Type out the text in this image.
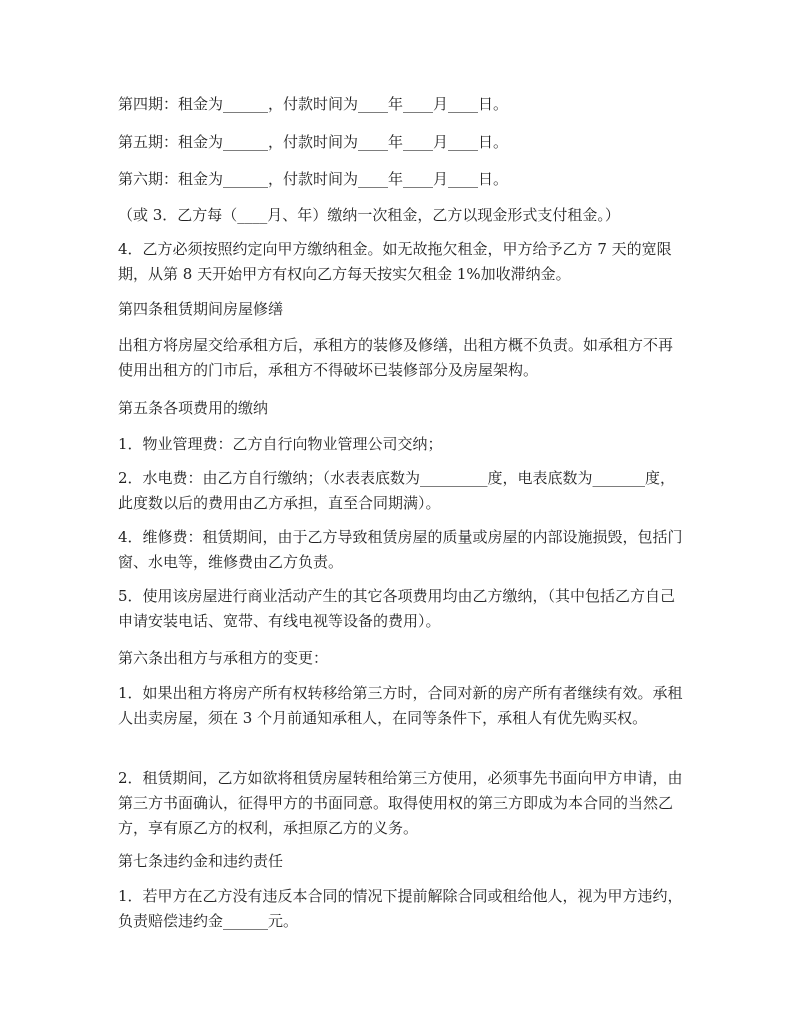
第四期：租金为______，付款时间为____年____月____日。

第五期：租金为______，付款时间为____年____月____日。

第六期：租金为______，付款时间为____年____月____日。

（或 3．乙方每（____月、年）缴纳一次租金，乙方以现金形式支付租金。）

4．乙方必须按照约定向甲方缴纳租金。如无故拖欠租金，甲方给予乙方 7 天的宽限期，从第 8 天开始甲方有权向乙方每天按实欠租金 1%加收滞纳金。

第四条租赁期间房屋修缮

出租方将房屋交给承租方后，承租方的装修及修缮，出租方概不负责。如承租方不再使用出租方的门市后，承租方不得破坏已装修部分及房屋架构。

第五条各项费用的缴纳

1．物业管理费：乙方自行向物业管理公司交纳；

2．水电费：由乙方自行缴纳；（水表表底数为_________度，电表底数为_______度，此度数以后的费用由乙方承担，直至合同期满）。

4．维修费：租赁期间，由于乙方导致租赁房屋的质量或房屋的内部设施损毁，包括门窗、水电等，维修费由乙方负责。

5．使用该房屋进行商业活动产生的其它各项费用均由乙方缴纳，（其中包括乙方自己申请安装电话、宽带、有线电视等设备的费用）。

第六条出租方与承租方的变更：

1．如果出租方将房产所有权转移给第三方时，合同对新的房产所有者继续有效。承租人出卖房屋，须在 3 个月前通知承租人，在同等条件下，承租人有优先购买权。

2．租赁期间，乙方如欲将租赁房屋转租给第三方使用，必须事先书面向甲方申请，由第三方书面确认，征得甲方的书面同意。取得使用权的第三方即成为本合同的当然乙方，享有原乙方的权利，承担原乙方的义务。

第七条违约金和违约责任

1．若甲方在乙方没有违反本合同的情况下提前解除合同或租给他人，视为甲方违约，负责赔偿违约金______元。
